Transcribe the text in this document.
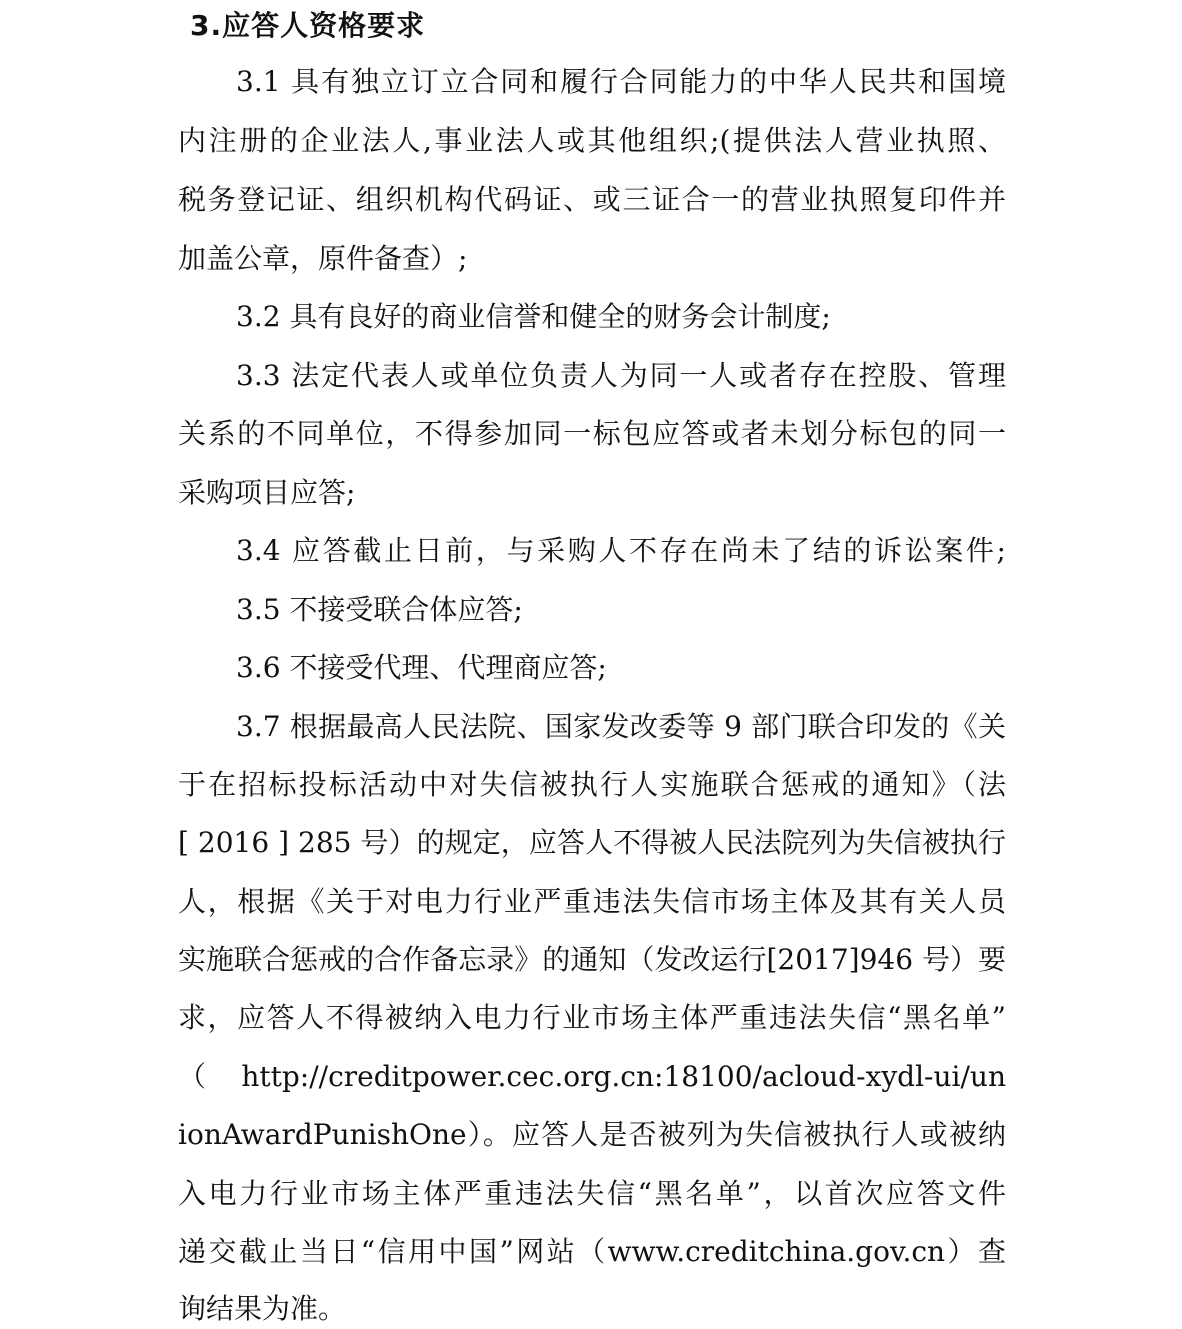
3.应答人资格要求
3.1 具有独立订立合同和履行合同能力的中华人民共和国境
内注册的企业法人,事业法人或其他组织;(提供法人营业执照、
税务登记证、组织机构代码证、或三证合一的营业执照复印件并
加盖公章，原件备查）;
3.2 具有良好的商业信誉和健全的财务会计制度;
3.3 法定代表人或单位负责人为同一人或者存在控股、管理
关系的不同单位，不得参加同一标包应答或者未划分标包的同一
采购项目应答;
3.4 应答截止日前，与采购人不存在尚未了结的诉讼案件;
3.5 不接受联合体应答;
3.6 不接受代理、代理商应答;
3.7 根据最高人民法院、国家发改委等 9 部门联合印发的《关
于在招标投标活动中对失信被执行人实施联合惩戒的通知》（法
[ 2016 ] 285 号）的规定，应答人不得被人民法院列为失信被执行
人，根据《关于对电力行业严重违法失信市场主体及其有关人员
实施联合惩戒的合作备忘录》的通知（发改运行[2017]946 号）要
求，应答人不得被纳入电力行业市场主体严重违法失信“黑名单”
（ http://creditpower.cec.org.cn:18100/acloud-xydl-ui/un
ionAwardPunishOne）。应答人是否被列为失信被执行人或被纳
入电力行业市场主体严重违法失信“黑名单”，以首次应答文件
递交截止当日“信用中国”网站（www.creditchina.gov.cn）查
询结果为准。
